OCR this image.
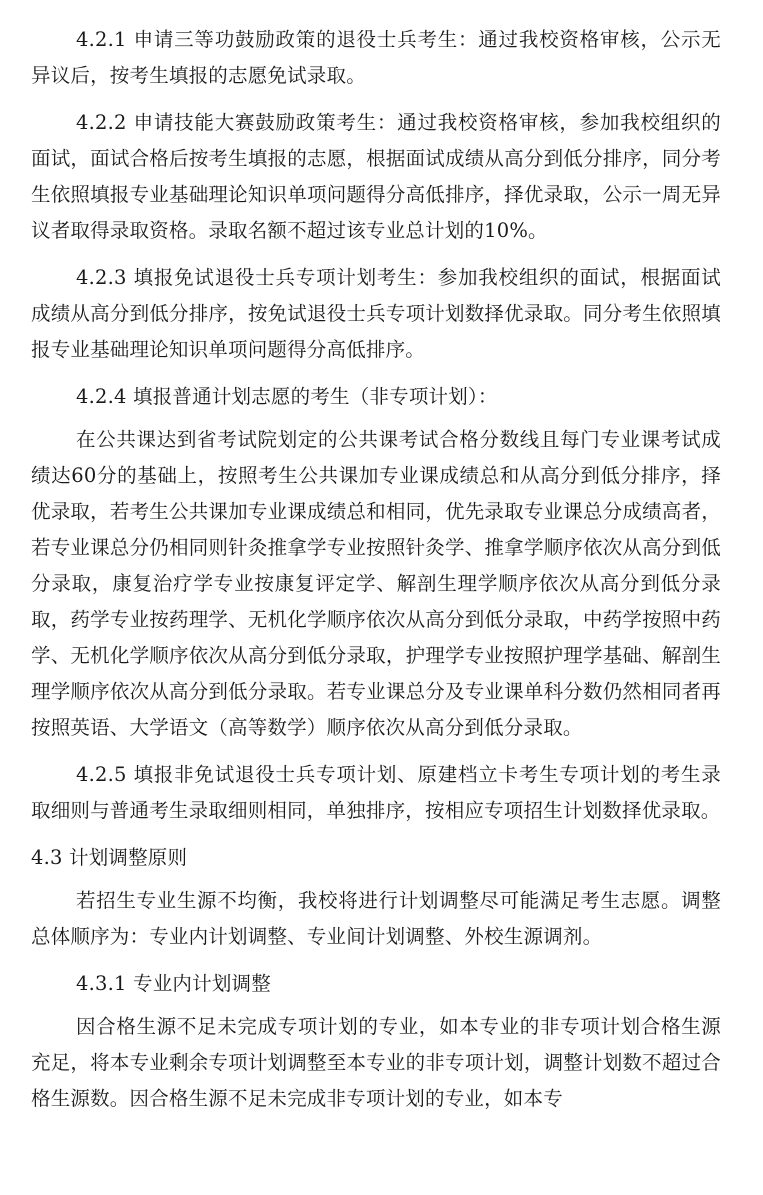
4.2.1 申请三等功鼓励政策的退役士兵考生：通过我校资格审核，公示无异议后，按考生填报的志愿免试录取。

4.2.2 申请技能大赛鼓励政策考生：通过我校资格审核，参加我校组织的面试，面试合格后按考生填报的志愿，根据面试成绩从高分到低分排序，同分考生依照填报专业基础理论知识单项问题得分高低排序，择优录取，公示一周无异议者取得录取资格。录取名额不超过该专业总计划的10%。

4.2.3 填报免试退役士兵专项计划考生：参加我校组织的面试，根据面试成绩从高分到低分排序，按免试退役士兵专项计划数择优录取。同分考生依照填报专业基础理论知识单项问题得分高低排序。

4.2.4 填报普通计划志愿的考生（非专项计划）：

在公共课达到省考试院划定的公共课考试合格分数线且每门专业课考试成绩达60分的基础上，按照考生公共课加专业课成绩总和从高分到低分排序，择优录取，若考生公共课加专业课成绩总和相同，优先录取专业课总分成绩高者，若专业课总分仍相同则针灸推拿学专业按照针灸学、推拿学顺序依次从高分到低分录取，康复治疗学专业按康复评定学、解剖生理学顺序依次从高分到低分录取，药学专业按药理学、无机化学顺序依次从高分到低分录取，中药学按照中药学、无机化学顺序依次从高分到低分录取，护理学专业按照护理学基础、解剖生理学顺序依次从高分到低分录取。若专业课总分及专业课单科分数仍然相同者再按照英语、大学语文（高等数学）顺序依次从高分到低分录取。

4.2.5 填报非免试退役士兵专项计划、原建档立卡考生专项计划的考生录取细则与普通考生录取细则相同，单独排序，按相应专项招生计划数择优录取。

4.3 计划调整原则

若招生专业生源不均衡，我校将进行计划调整尽可能满足考生志愿。调整总体顺序为：专业内计划调整、专业间计划调整、外校生源调剂。

4.3.1 专业内计划调整

因合格生源不足未完成专项计划的专业，如本专业的非专项计划合格生源充足，将本专业剩余专项计划调整至本专业的非专项计划，调整计划数不超过合格生源数。因合格生源不足未完成非专项计划的专业，如本专
